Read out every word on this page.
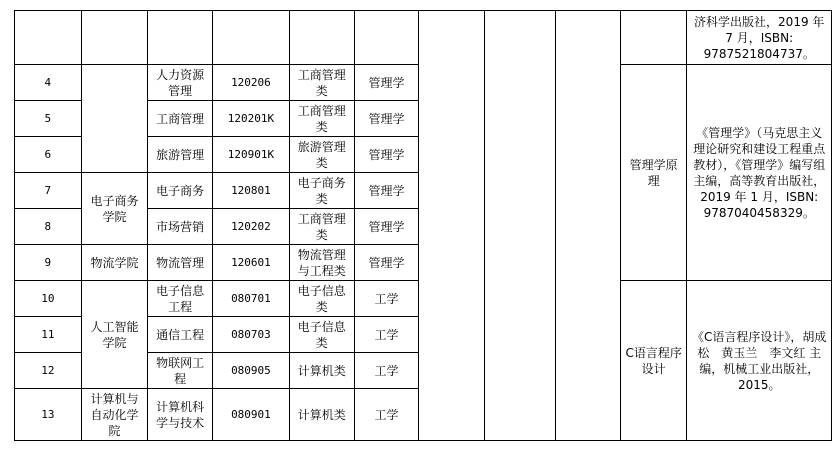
										济科学出版社，2019 年 7 月，ISBN: 9787521804737。

4		人力资源管理	120206	工商管理类	管理学				管理学原理	《管理学》（马克思主义理论研究和建设工程重点教材），《管理学》编写组 主编，高等教育出版社，2019 年 1 月，ISBN: 9787040458329。

5		工商管理	120201K	工商管理类	管理学					
6		旅游管理	120901K	旅游管理类	管理学					
7	电子商务学院	电子商务	120801	电子商务类	管理学					
8		市场营销	120202	工商管理类	管理学					
9	物流学院	物流管理	120601	物流管理与工程类	管理学					
10	人工智能学院	电子信息工程	080701	电子信息类	工学				C语言程序设计	《C语言程序设计》，胡成松　黄玉兰　李文红 主编，机械工业出版社，2015。

11		通信工程	080703	电子信息类	工学					
12		物联网工程	080905	计算机类	工学					
13	计算机与自动化学院	计算机科学与技术	080901	计算机类	工学					
